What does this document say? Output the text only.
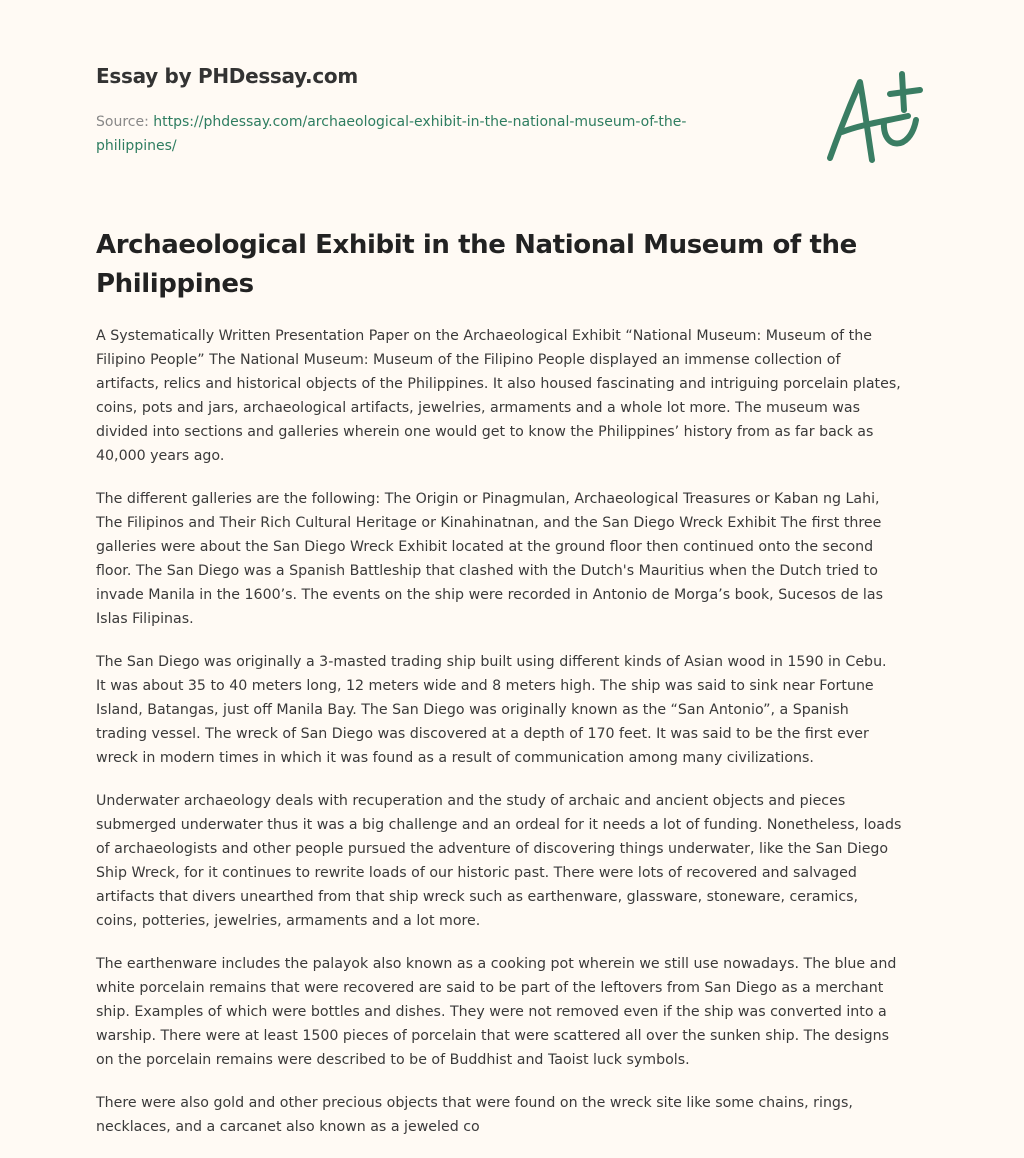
Essay by PHDessay.com
Source: https://phdessay.com/archaeological-exhibit-in-the-national-museum-of-the-
philippines/
Archaeological Exhibit in the National Museum of the
Philippines

A Systematically Written Presentation Paper on the Archaeological Exhibit “National Museum: Museum of the
Filipino People” The National Museum: Museum of the Filipino People displayed an immense collection of
artifacts, relics and historical objects of the Philippines. It also housed fascinating and intriguing porcelain plates,
coins, pots and jars, archaeological artifacts, jewelries, armaments and a whole lot more. The museum was
divided into sections and galleries wherein one would get to know the Philippines’ history from as far back as
40,000 years ago.

The different galleries are the following: The Origin or Pinagmulan, Archaeological Treasures or Kaban ng Lahi,
The Filipinos and Their Rich Cultural Heritage or Kinahinatnan, and the San Diego Wreck Exhibit The first three
galleries were about the San Diego Wreck Exhibit located at the ground floor then continued onto the second
floor. The San Diego was a Spanish Battleship that clashed with the Dutch's Mauritius when the Dutch tried to
invade Manila in the 1600’s. The events on the ship were recorded in Antonio de Morga’s book, Sucesos de las
Islas Filipinas.

The San Diego was originally a 3-masted trading ship built using different kinds of Asian wood in 1590 in Cebu.
It was about 35 to 40 meters long, 12 meters wide and 8 meters high. The ship was said to sink near Fortune
Island, Batangas, just off Manila Bay. The San Diego was originally known as the “San Antonio”, a Spanish
trading vessel. The wreck of San Diego was discovered at a depth of 170 feet. It was said to be the first ever
wreck in modern times in which it was found as a result of communication among many civilizations.

Underwater archaeology deals with recuperation and the study of archaic and ancient objects and pieces
submerged underwater thus it was a big challenge and an ordeal for it needs a lot of funding. Nonetheless, loads
of archaeologists and other people pursued the adventure of discovering things underwater, like the San Diego
Ship Wreck, for it continues to rewrite loads of our historic past. There were lots of recovered and salvaged
artifacts that divers unearthed from that ship wreck such as earthenware, glassware, stoneware, ceramics,
coins, potteries, jewelries, armaments and a lot more.

The earthenware includes the palayok also known as a cooking pot wherein we still use nowadays. The blue and
white porcelain remains that were recovered are said to be part of the leftovers from San Diego as a merchant
ship. Examples of which were bottles and dishes. They were not removed even if the ship was converted into a
warship. There were at least 1500 pieces of porcelain that were scattered all over the sunken ship. The designs
on the porcelain remains were described to be of Buddhist and Taoist luck symbols.

There were also gold and other precious objects that were found on the wreck site like some chains, rings,
necklaces, and a carcanet also known as a jeweled co
